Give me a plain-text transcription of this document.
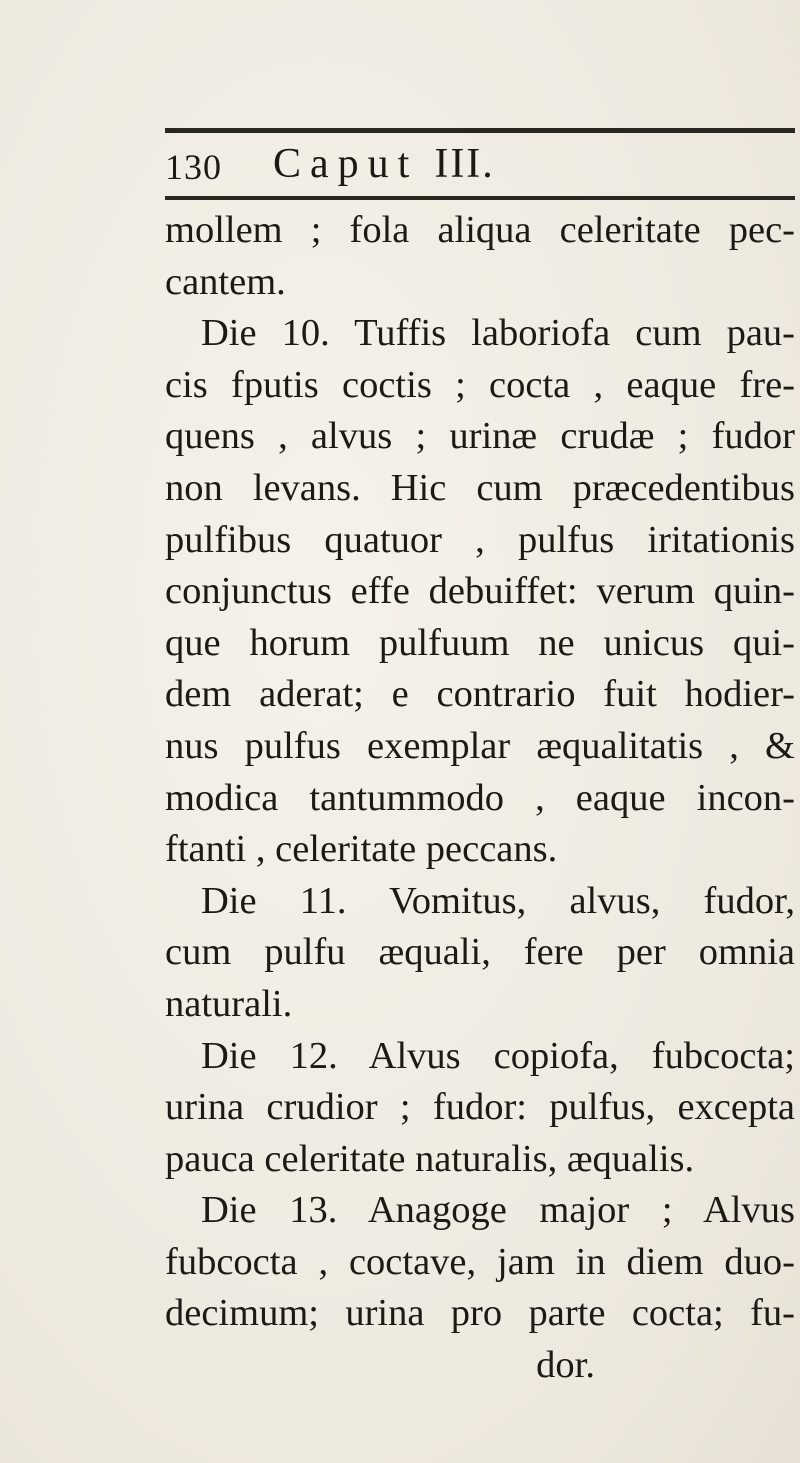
130 Caput III.
mollem ; fola aliqua celeritate pec-
cantem.
Die 10. Tuffis laboriofa cum pau-
cis fputis coctis ; cocta , eaque fre-
quens , alvus ; urinæ crudæ ; fudor
non levans. Hic cum præcedentibus
pulfibus quatuor , pulfus iritationis
conjunctus effe debuiffet: verum quin-
que horum pulfuum ne unicus qui-
dem aderat; e contrario fuit hodier-
nus pulfus exemplar æqualitatis , &
modica tantummodo , eaque incon-
ftanti , celeritate peccans.
Die 11. Vomitus, alvus, fudor,
cum pulfu æquali, fere per omnia
naturali.
Die 12. Alvus copiofa, fubcocta;
urina crudior ; fudor: pulfus, excepta
pauca celeritate naturalis, æqualis.
Die 13. Anagoge major ; Alvus
fubcocta , coctave, jam in diem duo-
decimum; urina pro parte cocta; fu-
dor.
